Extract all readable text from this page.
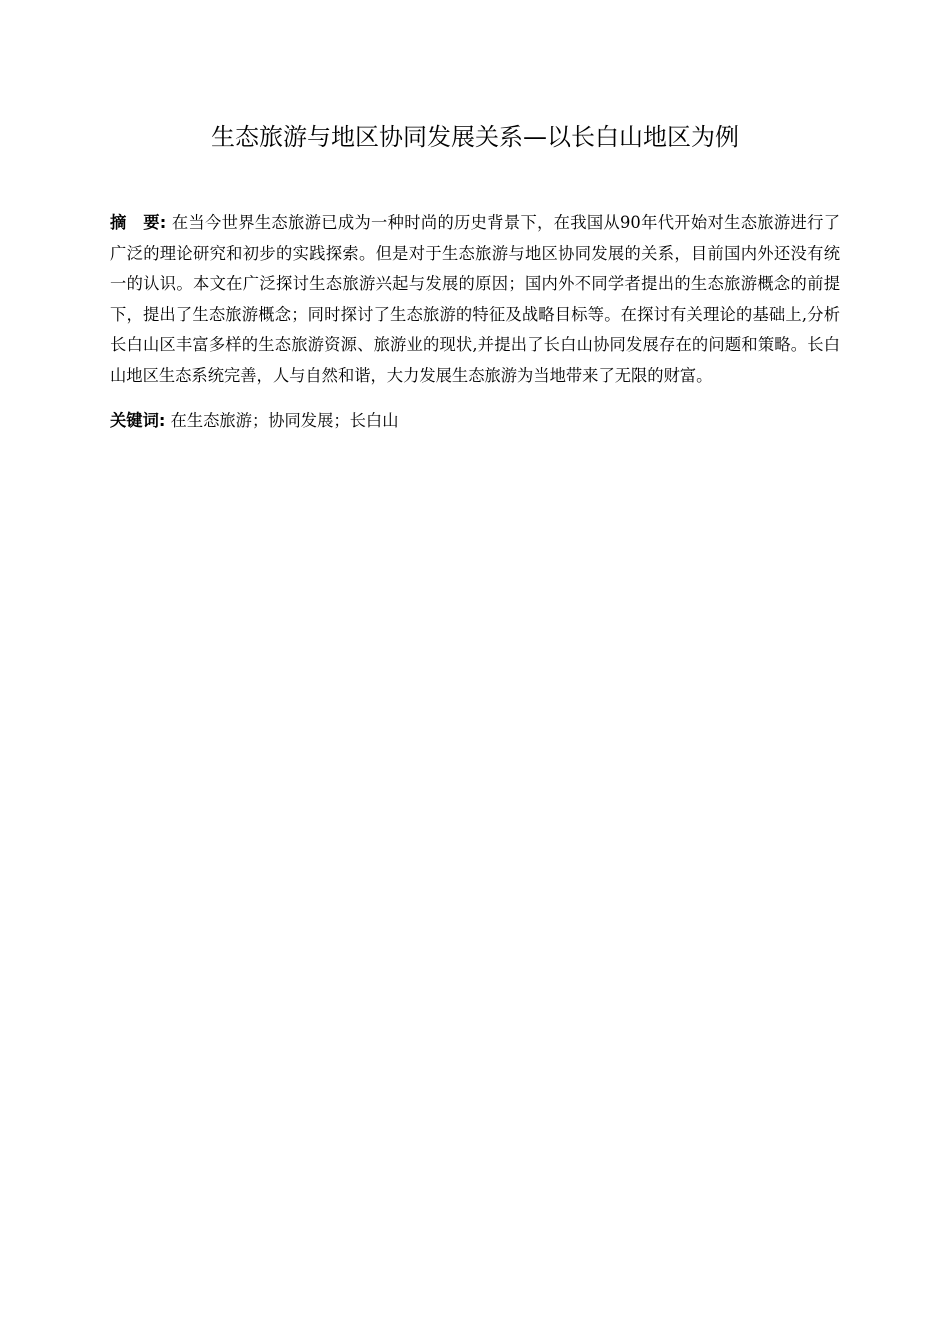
生态旅游与地区协同发展关系—以长白山地区为例

摘　要: 在当今世界生态旅游已成为一种时尚的历史背景下，在我国从90年代开始对生态旅游进行了广泛的理论研究和初步的实践探索。但是对于生态旅游与地区协同发展的关系，目前国内外还没有统一的认识。本文在广泛探讨生态旅游兴起与发展的原因；国内外不同学者提出的生态旅游概念的前提下，提出了生态旅游概念；同时探讨了生态旅游的特征及战略目标等。在探讨有关理论的基础上,分析长白山区丰富多样的生态旅游资源、旅游业的现状,并提出了长白山协同发展存在的问题和策略。长白山地区生态系统完善，人与自然和谐，大力发展生态旅游为当地带来了无限的财富。

关键词: 在生态旅游；协同发展；长白山
